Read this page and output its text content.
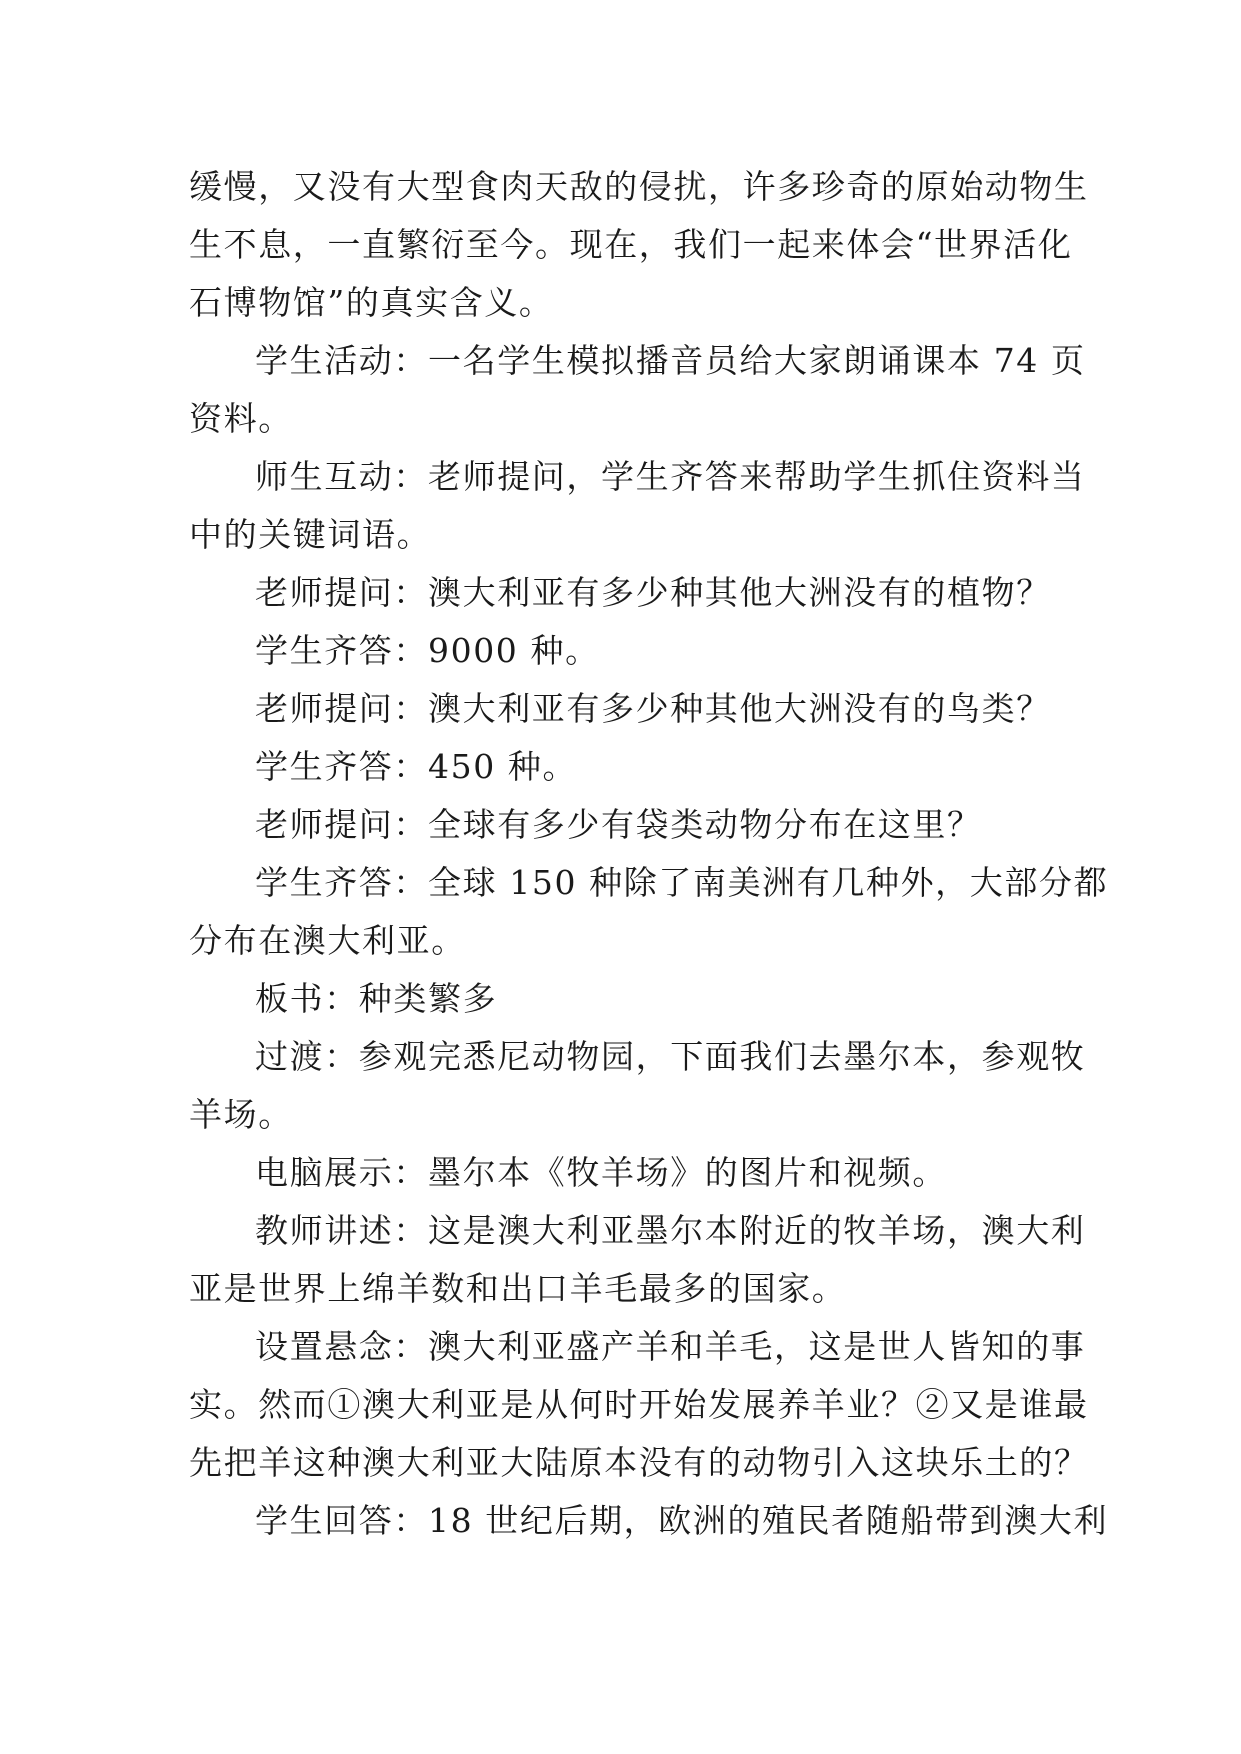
缓慢，又没有大型食肉天敌的侵扰，许多珍奇的原始动物生
生不息，一直繁衍至今。现在，我们一起来体会“世界活化
石博物馆”的真实含义。
学生活动：一名学生模拟播音员给大家朗诵课本 74 页
资料。
师生互动：老师提问，学生齐答来帮助学生抓住资料当
中的关键词语。
老师提问：澳大利亚有多少种其他大洲没有的植物？
学生齐答：9000 种。
老师提问：澳大利亚有多少种其他大洲没有的鸟类？
学生齐答：450 种。
老师提问：全球有多少有袋类动物分布在这里？
学生齐答：全球 150 种除了南美洲有几种外，大部分都
分布在澳大利亚。
板书：种类繁多
过渡：参观完悉尼动物园，下面我们去墨尔本，参观牧
羊场。
电脑展示：墨尔本《牧羊场》的图片和视频。
教师讲述：这是澳大利亚墨尔本附近的牧羊场，澳大利
亚是世界上绵羊数和出口羊毛最多的国家。
设置悬念：澳大利亚盛产羊和羊毛，这是世人皆知的事
实。然而①澳大利亚是从何时开始发展养羊业？②又是谁最
先把羊这种澳大利亚大陆原本没有的动物引入这块乐土的？
学生回答：18 世纪后期，欧洲的殖民者随船带到澳大利
